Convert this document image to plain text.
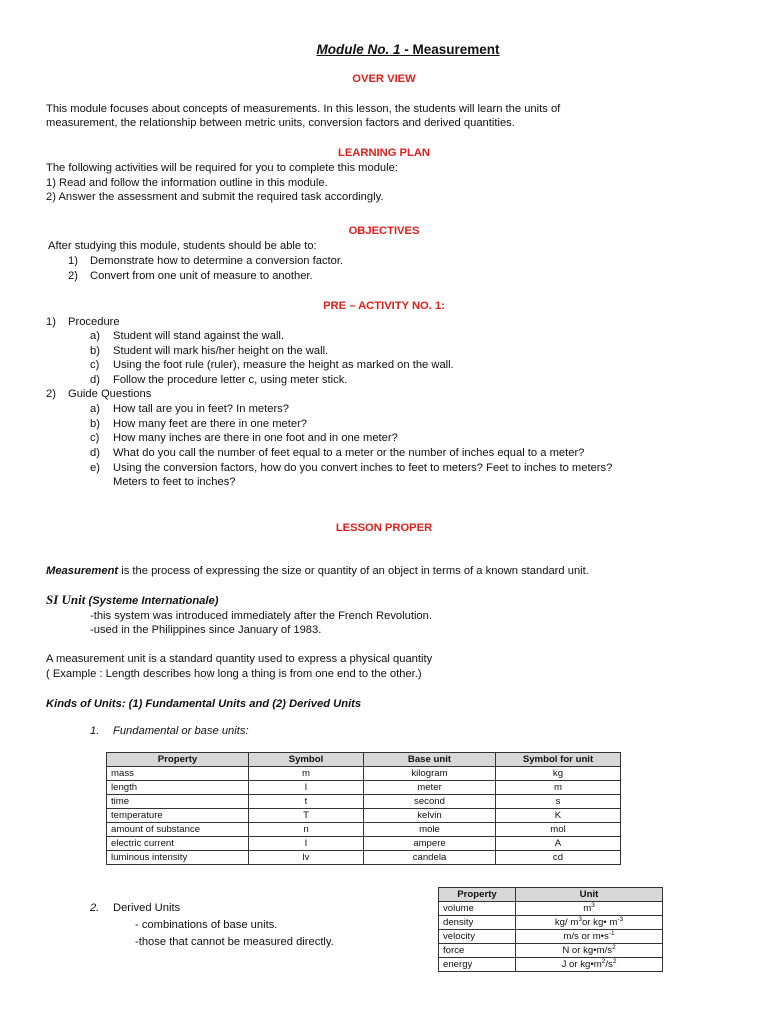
Module No. 1 - Measurement
OVER VIEW
This module focuses about concepts of measurements. In this lesson, the students will learn the units of
measurement, the relationship between metric units, conversion factors and derived quantities.
LEARNING PLAN
The following activities will be required for you to complete this module:
1) Read and follow the information outline in this module.
2) Answer the assessment and submit the required task accordingly.
OBJECTIVES
After studying this module, students should be able to:
1) Demonstrate how to determine a conversion factor.
2) Convert from one unit of measure to another.
PRE – ACTIVITY NO. 1:
1) Procedure
a) Student will stand against the wall.
b) Student will mark his/her height on the wall.
c) Using the foot rule (ruler), measure the height as marked on the wall.
d) Follow the procedure letter c, using meter stick.
2) Guide Questions
a) How tall are you in feet? In meters?
b) How many feet are there in one meter?
c) How many inches are there in one foot and in one meter?
d) What do you call the number of feet equal to a meter or the number of inches equal to a meter?
e) Using the conversion factors, how do you convert inches to feet to meters? Feet to inches to meters?
Meters to feet to inches?
LESSON PROPER
Measurement is the process of expressing the size or quantity of an object in terms of a known standard unit.
SI Unit (Systeme Internationale)
-this system was introduced immediately after the French Revolution.
-used in the Philippines since January of 1983.
A measurement unit is a standard quantity used to express a physical quantity
( Example : Length describes how long a thing is from one end to the other.)
Kinds of Units: (1) Fundamental Units and (2) Derived Units
1. Fundamental or base units:
Property	Symbol	Base unit	Symbol for unit
mass	m	kilogram	kg
length	l	meter	m
time	t	second	s
temperature	T	kelvin	K
amount of substance	n	mole	mol
electric current	I	ampere	A
luminous intensity	lv	candela	cd
2. Derived Units
- combinations of base units.
-those that cannot be measured directly.
Property	Unit
volume	$m^3$
density	kg/ $m^3or$ kg• $m^{-3}$
velocity	m/s or $m•s^{-1}$
force	N or $kg•m/s^2$
energy	J or $kg•m^2/s^2$
